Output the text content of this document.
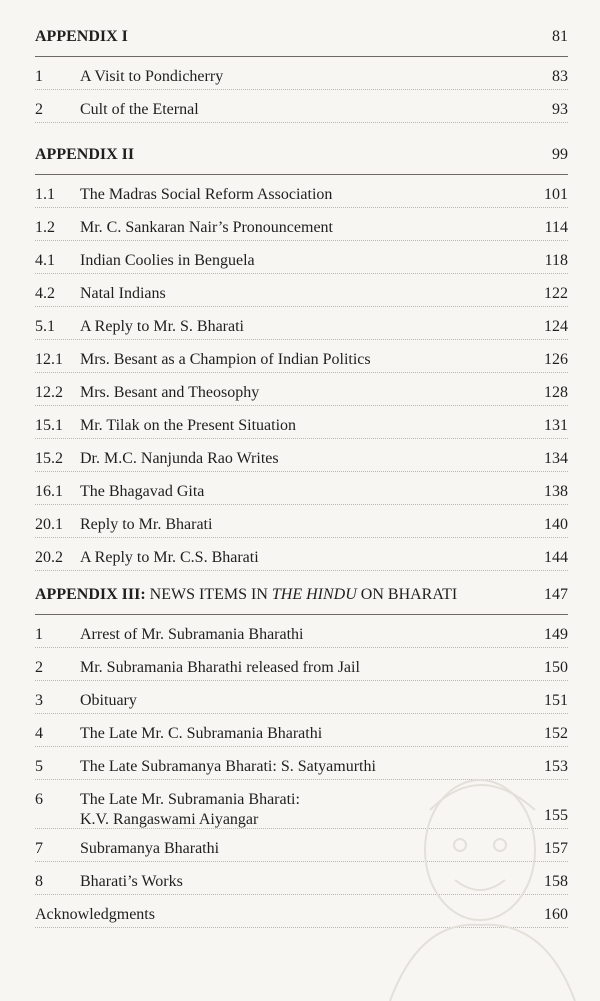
APPENDIX I	81
1 A Visit to Pondicherry	83
2 Cult of the Eternal	93
APPENDIX II	99
1.1 The Madras Social Reform Association	101
1.2 Mr. C. Sankaran Nair’s Pronouncement	114
4.1 Indian Coolies in Benguela	118
4.2 Natal Indians	122
5.1 A Reply to Mr. S. Bharati	124
12.1 Mrs. Besant as a Champion of Indian Politics	126
12.2 Mrs. Besant and Theosophy	128
15.1 Mr. Tilak on the Present Situation	131
15.2 Dr. M.C. Nanjunda Rao Writes	134
16.1 The Bhagavad Gita	138
20.1 Reply to Mr. Bharati	140
20.2 A Reply to Mr. C.S. Bharati	144
APPENDIX III: NEWS ITEMS IN THE HINDU ON BHARATI	147
1 Arrest of Mr. Subramania Bharathi	149
2 Mr. Subramania Bharathi released from Jail	150
3 Obituary	151
4 The Late Mr. C. Subramania Bharathi	152
5 The Late Subramanya Bharati: S. Satyamurthi	153
6 The Late Mr. Subramania Bharati:
K.V. Rangaswami Aiyangar	155
7 Subramanya Bharathi	157
8 Bharati’s Works	158
Acknowledgments	160
